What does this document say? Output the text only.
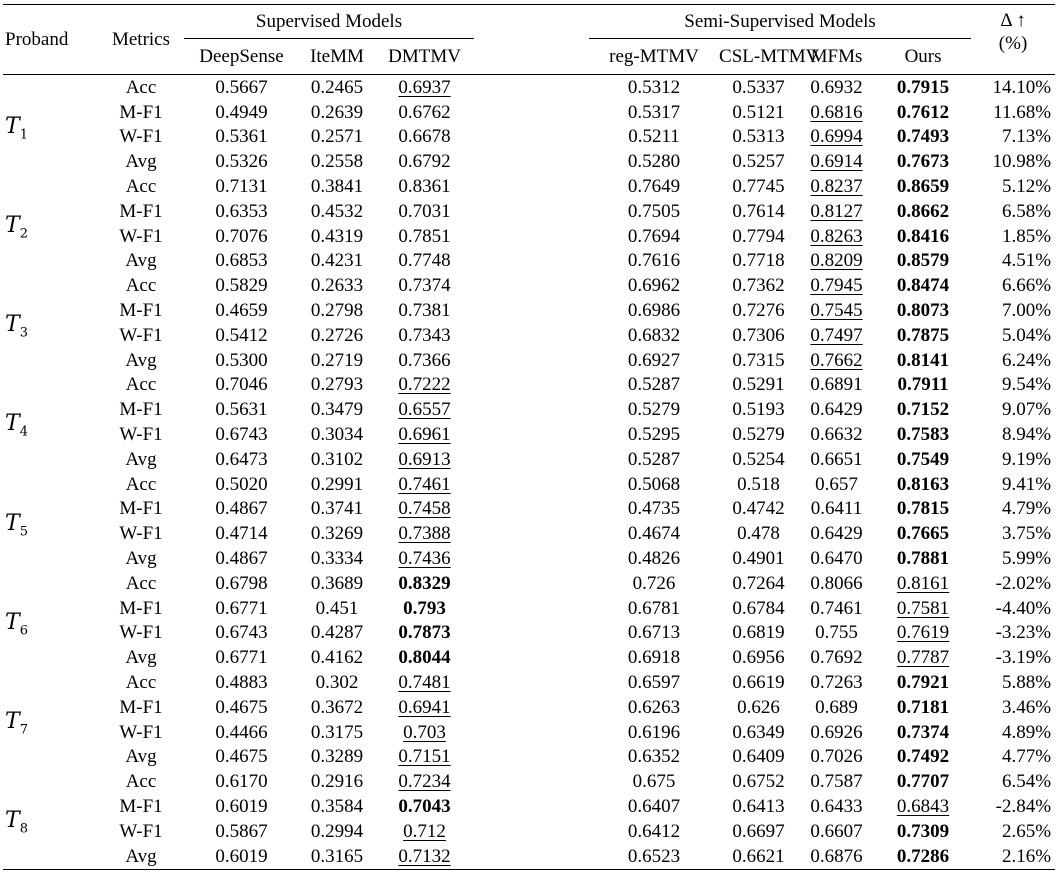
Proband	Metrics	Supervised Models			Semi-Supervised Models				Δ ↑
(%)

		DeepSense	IteMM	DMTMV		reg-MTMV	CSL-MTMV	MFMs	Ours	
$T_1$	Acc	0.5667	0.2465	0.6937		0.5312	0.5337	0.6932	0.7915	14.10%
	M-F1	0.4949	0.2639	0.6762		0.5317	0.5121	0.6816	0.7612	11.68%
	W-F1	0.5361	0.2571	0.6678		0.5211	0.5313	0.6994	0.7493	7.13%
	Avg	0.5326	0.2558	0.6792		0.5280	0.5257	0.6914	0.7673	10.98%
$T_2$	Acc	0.7131	0.3841	0.8361		0.7649	0.7745	0.8237	0.8659	5.12%
	M-F1	0.6353	0.4532	0.7031		0.7505	0.7614	0.8127	0.8662	6.58%
	W-F1	0.7076	0.4319	0.7851		0.7694	0.7794	0.8263	0.8416	1.85%
	Avg	0.6853	0.4231	0.7748		0.7616	0.7718	0.8209	0.8579	4.51%
$T_3$	Acc	0.5829	0.2633	0.7374		0.6962	0.7362	0.7945	0.8474	6.66%
	M-F1	0.4659	0.2798	0.7381		0.6986	0.7276	0.7545	0.8073	7.00%
	W-F1	0.5412	0.2726	0.7343		0.6832	0.7306	0.7497	0.7875	5.04%
	Avg	0.5300	0.2719	0.7366		0.6927	0.7315	0.7662	0.8141	6.24%
$T_4$	Acc	0.7046	0.2793	0.7222		0.5287	0.5291	0.6891	0.7911	9.54%
	M-F1	0.5631	0.3479	0.6557		0.5279	0.5193	0.6429	0.7152	9.07%
	W-F1	0.6743	0.3034	0.6961		0.5295	0.5279	0.6632	0.7583	8.94%
	Avg	0.6473	0.3102	0.6913		0.5287	0.5254	0.6651	0.7549	9.19%
$T_5$	Acc	0.5020	0.2991	0.7461		0.5068	0.518	0.657	0.8163	9.41%
	M-F1	0.4867	0.3741	0.7458		0.4735	0.4742	0.6411	0.7815	4.79%
	W-F1	0.4714	0.3269	0.7388		0.4674	0.478	0.6429	0.7665	3.75%
	Avg	0.4867	0.3334	0.7436		0.4826	0.4901	0.6470	0.7881	5.99%
$T_6$	Acc	0.6798	0.3689	0.8329		0.726	0.7264	0.8066	0.8161	-2.02%
	M-F1	0.6771	0.451	0.793		0.6781	0.6784	0.7461	0.7581	-4.40%
	W-F1	0.6743	0.4287	0.7873		0.6713	0.6819	0.755	0.7619	-3.23%
	Avg	0.6771	0.4162	0.8044		0.6918	0.6956	0.7692	0.7787	-3.19%
$T_7$	Acc	0.4883	0.302	0.7481		0.6597	0.6619	0.7263	0.7921	5.88%
	M-F1	0.4675	0.3672	0.6941		0.6263	0.626	0.689	0.7181	3.46%
	W-F1	0.4466	0.3175	0.703		0.6196	0.6349	0.6926	0.7374	4.89%
	Avg	0.4675	0.3289	0.7151		0.6352	0.6409	0.7026	0.7492	4.77%
$T_8$	Acc	0.6170	0.2916	0.7234		0.675	0.6752	0.7587	0.7707	6.54%
	M-F1	0.6019	0.3584	0.7043		0.6407	0.6413	0.6433	0.6843	-2.84%
	W-F1	0.5867	0.2994	0.712		0.6412	0.6697	0.6607	0.7309	2.65%
	Avg	0.6019	0.3165	0.7132		0.6523	0.6621	0.6876	0.7286	2.16%
